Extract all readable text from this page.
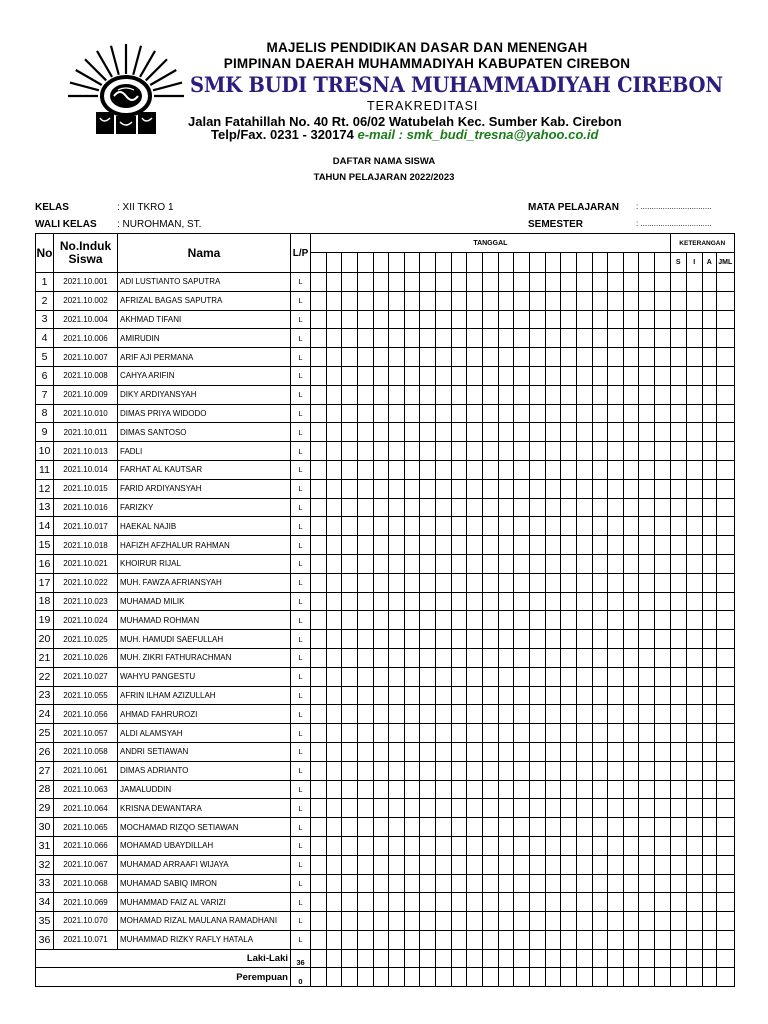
MAJELIS PENDIDIKAN DASAR DAN MENENGAH
PIMPINAN DAERAH MUHAMMADIYAH KABUPATEN CIREBON
SMK BUDI TRESNA MUHAMMADIYAH CIREBON
TERAKREDITASI
Jalan Fatahillah No. 40 Rt. 06/02 Watubelah Kec. Sumber Kab. Cirebon
Telp/Fax. 0231 - 320174 e-mail : smk_budi_tresna@yahoo.co.id
DAFTAR NAMA SISWA
TAHUN PELAJARAN 2022/2023
KELAS	: XII TKRO 1
WALI KELAS : NUROHMAN, ST.
MATA PELAJARAN : ................................
SEMESTER	: ................................
No	No.Induk Siswa	Nama	L/P	TANGGAL																							KETERANGAN			
																											S	I	A	JML
1	2021.10.001	ADI LUSTIANTO SAPUTRA	L																											
2	2021.10.002	AFRIZAL BAGAS SAPUTRA	L																											
3	2021.10.004	AKHMAD TIFANI	L																											
4	2021.10.006	AMIRUDIN	L																											
5	2021.10.007	ARIF AJI PERMANA	L																											
6	2021.10.008	CAHYA ARIFIN	L																											
7	2021.10.009	DIKY ARDIYANSYAH	L																											
8	2021.10.010	DIMAS PRIYA WIDODO	L																											
9	2021.10.011	DIMAS SANTOSO	L																											
10	2021.10.013	FADLI	L																											
11	2021.10.014	FARHAT AL KAUTSAR	L																											
12	2021.10.015	FARID ARDIYANSYAH	L																											
13	2021.10.016	FARIZKY	L																											
14	2021.10.017	HAEKAL NAJIB	L																											
15	2021.10.018	HAFIZH AFZHALUR RAHMAN	L																											
16	2021.10.021	KHOIRUR RIJAL	L																											
17	2021.10.022	MUH. FAWZA AFRIANSYAH	L																											
18	2021.10.023	MUHAMAD MILIK	L																											
19	2021.10.024	MUHAMAD ROHMAN	L																											
20	2021.10.025	MUH. HAMUDI SAEFULLAH	L																											
21	2021.10.026	MUH. ZIKRI FATHURACHMAN	L																											
22	2021.10.027	WAHYU PANGESTU	L																											
23	2021.10.055	AFRIN ILHAM AZIZULLAH	L																											
24	2021.10.056	AHMAD FAHRUROZI	L																											
25	2021.10.057	ALDI ALAMSYAH	L																											
26	2021.10.058	ANDRI SETIAWAN	L																											
27	2021.10.061	DIMAS ADRIANTO	L																											
28	2021.10.063	JAMALUDDIN	L																											
29	2021.10.064	KRISNA DEWANTARA	L																											
30	2021.10.065	MOCHAMAD RIZQO SETIAWAN	L																											
31	2021.10.066	MOHAMAD UBAYDILLAH	L																											
32	2021.10.067	MUHAMAD ARRAAFI WIJAYA	L																											
33	2021.10.068	MUHAMAD SABIQ IMRON	L																											
34	2021.10.069	MUHAMMAD FAIZ AL VARIZI	L																											
35	2021.10.070	MOHAMAD RIZAL MAULANA RAMADHANI	L																											
36	2021.10.071	MUHAMMAD RIZKY RAFLY HATALA	L																											
Laki-Laki			36																											
Perempuan			0																											
